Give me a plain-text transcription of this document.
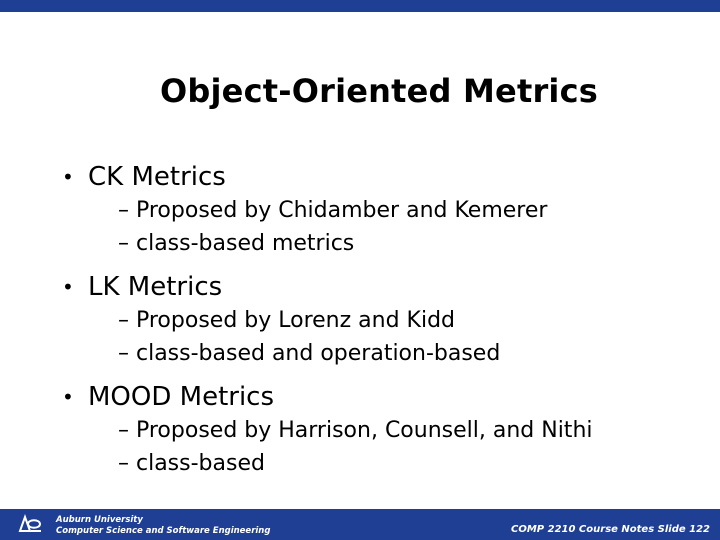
Object-Oriented Metrics
• CK Metrics
– Proposed by Chidamber and Kemerer
– class-based metrics
• LK Metrics
– Proposed by Lorenz and Kidd
– class-based and operation-based
• MOOD Metrics
– Proposed by Harrison, Counsell, and Nithi
– class-based
Auburn University
Computer Science and Software Engineering	COMP 2210 Course Notes Slide 122
